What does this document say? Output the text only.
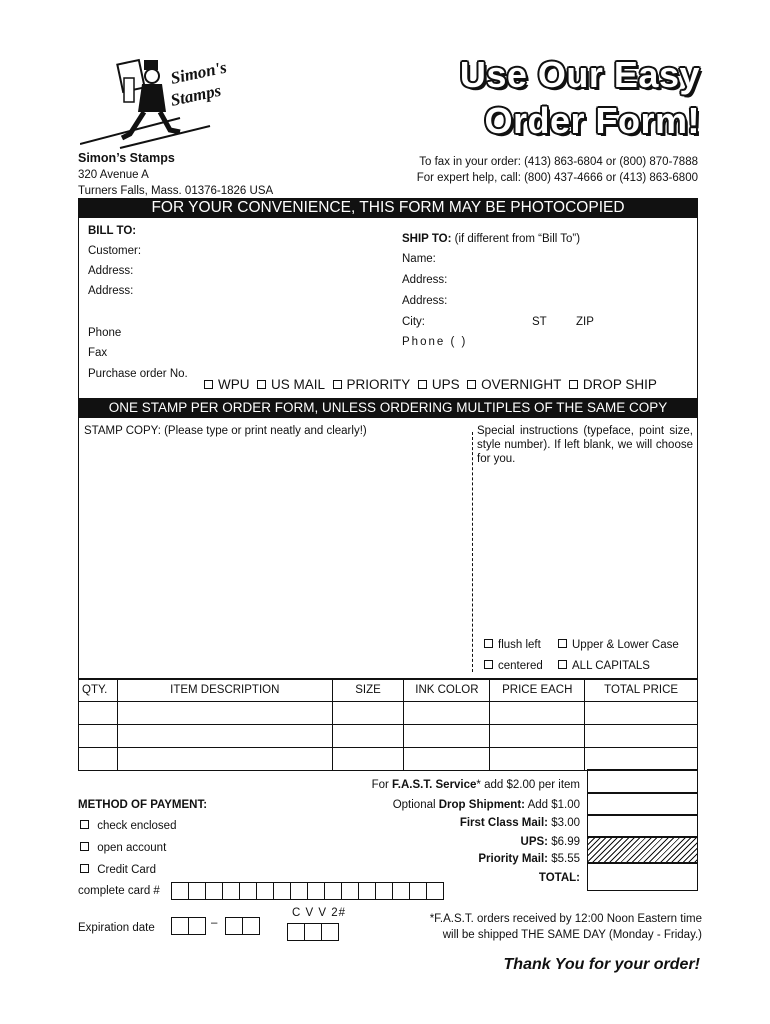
Simon's
Stamps
Use Our Easy
Order Form!
Simon’s Stamps
320 Avenue A
Turners Falls, Mass. 01376-1826 USA
To fax in your order: (413) 863-6804 or (800) 870-7888
For expert help, call: (800) 437-4666 or (413) 863-6800
FOR YOUR CONVENIENCE, THIS FORM MAY BE PHOTOCOPIED
BILL TO:
Customer:
Address:
Address:
Phone
Fax
Purchase order No.
SHIP TO: (if different from “Bill To”)
Name:
Address:
Address:
City:	ST	ZIP
Phone ( )
WPU US MAIL PRIORITY UPS OVERNIGHT DROP SHIP
ONE STAMP PER ORDER FORM, UNLESS ORDERING MULTIPLES OF THE SAME COPY
STAMP COPY: (Please type or print neatly and clearly!)	Special instructions (typeface, point size, style number). If left blank, we will choose for you.
flush left	Upper & Lower Case
centered	ALL CAPITALS
QTY.	ITEM DESCRIPTION	SIZE	INK COLOR	PRICE EACH	TOTAL PRICE

For F.A.S.T. Service* add $2.00 per item
Optional Drop Shipment: Add $1.00
First Class Mail: $3.00
UPS: $6.99
Priority Mail: $5.55
TOTAL:
METHOD OF PAYMENT:
check enclosed
open account
Credit Card
complete card #
Expiration date	–
C V V 2#	*F.A.S.T. orders received by 12:00 Noon Eastern time
will be shipped THE SAME DAY (Monday - Friday.)
Thank You for your order!
